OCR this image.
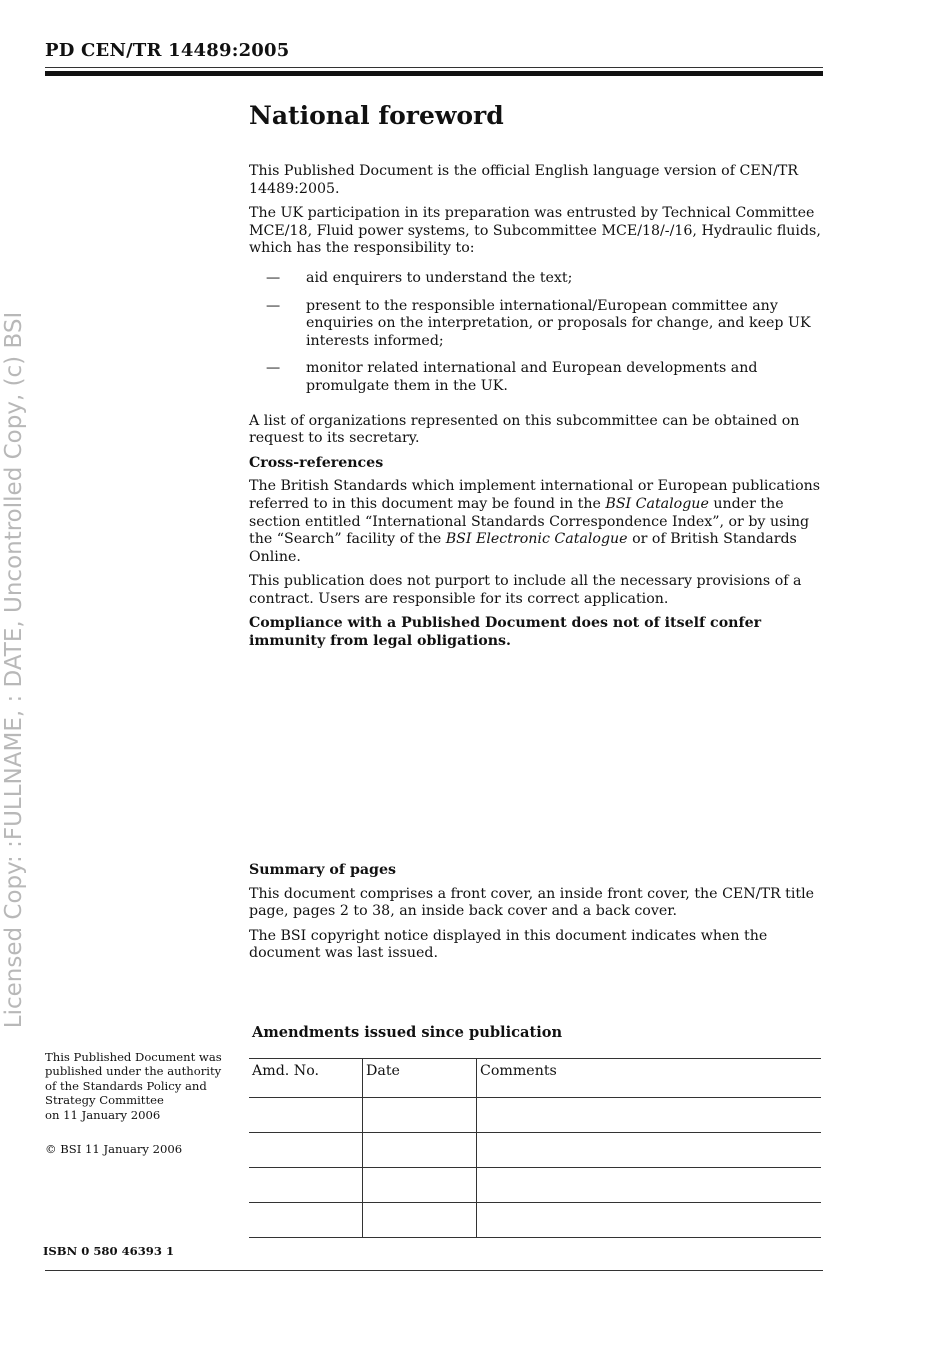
PD CEN/TR 14489:2005
Licensed Copy: :FULLNAME, : DATE, Uncontrolled Copy, (c) BSI
National foreword

This Published Document is the official English language version of CEN/TR 14489:2005.

The UK participation in its preparation was entrusted by Technical Committee MCE/18, Fluid power systems, to Subcommittee MCE/18/-/16, Hydraulic fluids, which has the responsibility to:

— aid enquirers to understand the text;
— present to the responsible international/European committee any enquiries on the interpretation, or proposals for change, and keep UK interests informed;
— monitor related international and European developments and promulgate them in the UK.

A list of organizations represented on this subcommittee can be obtained on request to its secretary.

Cross-references

The British Standards which implement international or European publications referred to in this document may be found in the BSI Catalogue under the section entitled “International Standards Correspondence Index”, or by using the “Search” facility of the BSI Electronic Catalogue or of British Standards Online.

This publication does not purport to include all the necessary provisions of a contract. Users are responsible for its correct application.

Compliance with a Published Document does not of itself confer immunity from legal obligations.

Summary of pages

This document comprises a front cover, an inside front cover, the CEN/TR title page, pages 2 to 38, an inside back cover and a back cover.

The BSI copyright notice displayed in this document indicates when the document was last issued.

Amendments issued since publication
Amd. No.	Date	Comments

This Published Document was
published under the authority
of the Standards Policy and
Strategy Committee
on 11 January 2006
© BSI 11 January 2006
ISBN 0 580 46393 1
